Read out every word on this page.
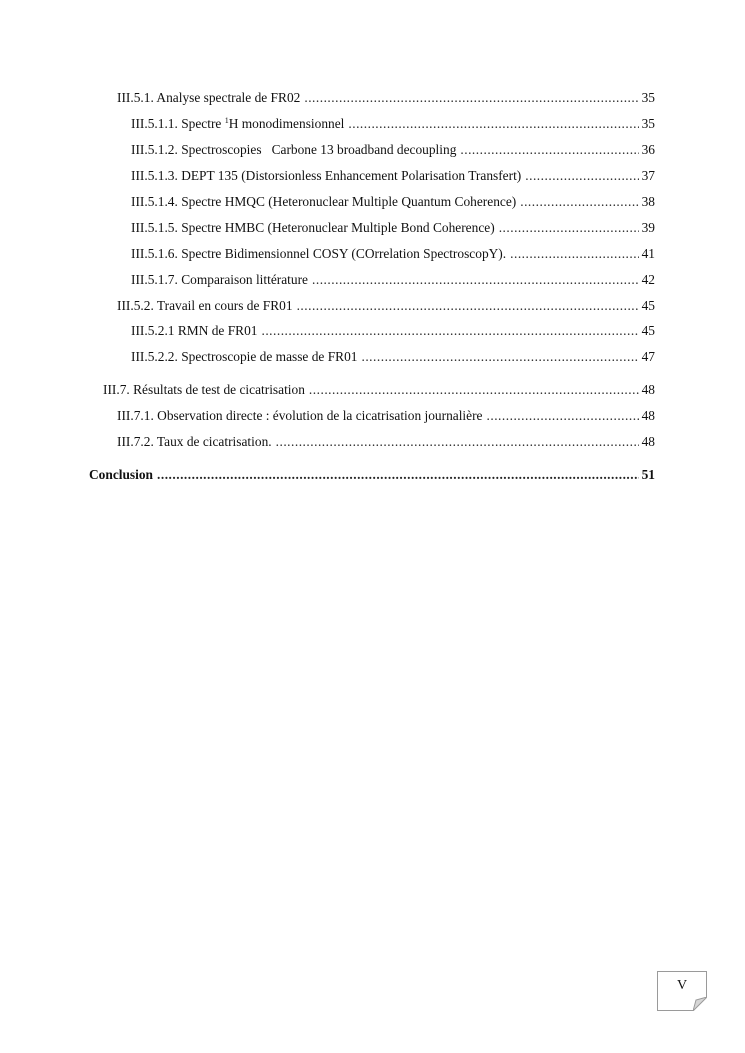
III.5.1. Analyse spectrale de FR02 .....	35
III.5.1.1. Spectre $^1$H monodimensionnel .....	35
III.5.1.2. Spectroscopies   Carbone 13 broadband decoupling .....	36
III.5.1.3. DEPT 135 (Distorsionless Enhancement Polarisation Transfert) .....	37
III.5.1.4. Spectre HMQC (Heteronuclear Multiple Quantum Coherence) .....	38
III.5.1.5. Spectre HMBC (Heteronuclear Multiple Bond Coherence) .....	39
III.5.1.6. Spectre Bidimensionnel COSY (COrrelation SpectroscopY). .....	41
III.5.1.7. Comparaison littérature .....	42
III.5.2. Travail en cours de FR01 .....	45
III.5.2.1 RMN de FR01 .....	45
III.5.2.2. Spectroscopie de masse de FR01 .....	47
III.7. Résultats de test de cicatrisation .....	48
III.7.1. Observation directe : évolution de la cicatrisation journalière .....	48
III.7.2. Taux de cicatrisation. .....	48
Conclusion .....	51
V
